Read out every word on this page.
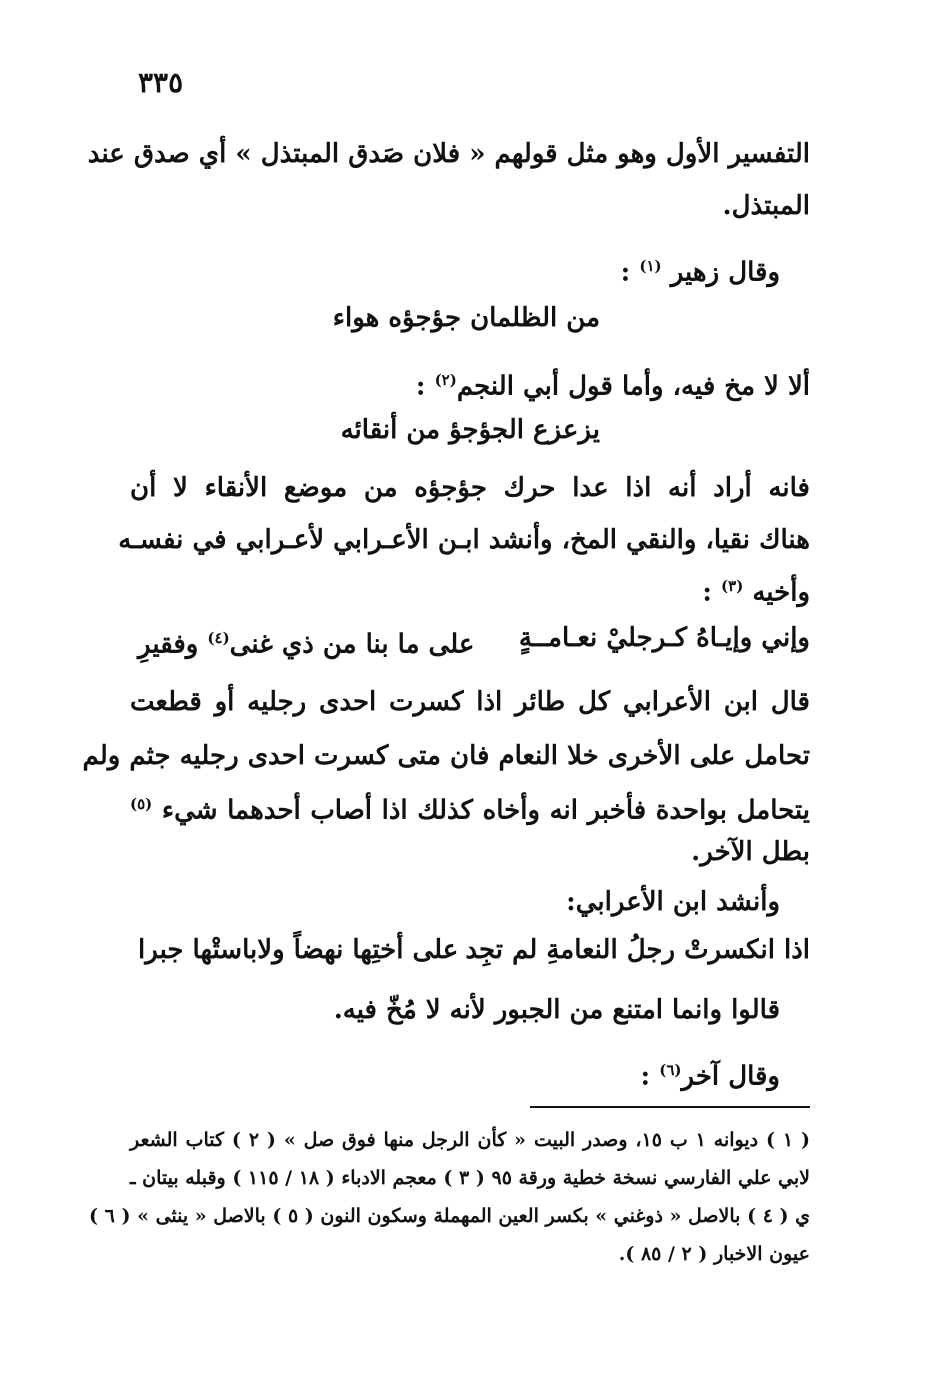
٣٣٥
التفسير الأول وهو مثل قولهم « فلان صَدق المبتذل » أي صدق عند
المبتذل.
وقال زهير $^{(١)}$ :
من الظلمان جؤجؤه هواء
ألا لا مخ فيه، وأما قول أبي النجم$^{(٢)}$ :
يزعزع الجؤجؤ من أنقائه
فانه أراد أنه اذا عدا حرك جؤجؤه من موضع الأنقاء لا أن
هناك نقيا، والنقي المخ، وأنشد ابـن الأعـرابي لأعـرابي في نفسـه
وأخيه $^{(٣)}$ :
وإني وإيـاهُ كـرجليْ نعـامــةٍ
على ما بنا من ذي غنى$^{(٤)}$ وفقيرِ
قال ابن الأعرابي كل طائر اذا كسرت احدى رجليه أو قطعت
تحامل على الأخرى خلا النعام فان متى كسرت احدى رجليه جثم ولم
يتحامل بواحدة فأخبر انه وأخاه كذلك اذا أصاب أحدهما شيء $^{(٥)}$
بطل الآخر.
وأنشد ابن الأعرابي:
اذا انكسرتْ رجلُ النعامةِ لم تجِد
على أختِها نهضاً ولاباستْها جبرا
قالوا وانما امتنع من الجبور لأنه لا مُخّ فيه.
وقال آخر$^{(٦)}$ :
( ١ ) ديوانه ١ ب ١٥، وصدر البيت « كأن الرجل منها فوق صل » ( ٢ ) كتاب الشعر
لابي علي الفارسي نسخة خطية ورقة ٩٥ ( ٣ ) معجم الادباء ( ١٨ / ١١٥ ) وقبله بيتان ـ
ي ( ٤ ) بالاصل « ذوغني » بكسر العين المهملة وسكون النون ( ٥ ) بالاصل « ينثى » ( ٦ )
عيون الاخبار ( ٢ / ٨٥ ).
